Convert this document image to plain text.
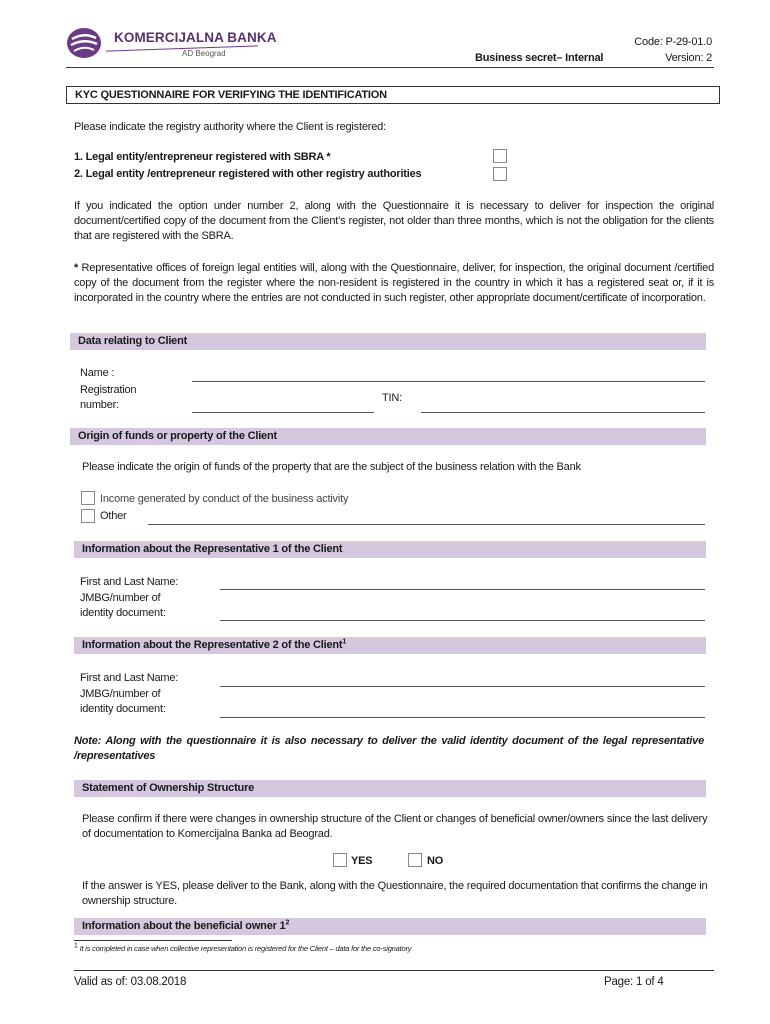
KOMERCIJALNA BANKA
AD Beograd
Code: P-29-01.0
Business secret– Internal	Version: 2
KYC QUESTIONNAIRE FOR VERIFYING THE IDENTIFICATION
Please indicate the registry authority where the Client is registered:
1. Legal entity/entrepreneur registered with SBRA *
2. Legal entity /entrepreneur registered with other registry authorities
If you indicated the option under number 2, along with the Questionnaire it is necessary to deliver for inspection the original document/certified copy of the document from the Client’s register, not older than three months, which is not the obligation for the clients that are registered with the SBRA.
* Representative offices of foreign legal entities will, along with the Questionnaire, deliver, for inspection, the original document /certified copy of the document from the register where the non-resident is registered in the country in which it has a registered seat or, if it is incorporated in the country where the entries are not conducted in such register, other appropriate document/certificate of incorporation.
Data relating to Client
Name :
Registration
number:
TIN:
Origin of funds or property of the Client
Please indicate the origin of funds of the property that are the subject of the business relation with the Bank
Income generated by conduct of the business activity
Other
Information about the Representative 1 of the Client
First and Last Name:
JMBG/number of
identity document:
Information about the Representative 2 of the Client$^1$
First and Last Name:
JMBG/number of
identity document:
Note: Along with the questionnaire it is also necessary to deliver the valid identity document of the legal representative /representatives
Statement of Ownership Structure
Please confirm if there were changes in ownership structure of the Client or changes of beneficial owner/owners since the last delivery of documentation to Komercijalna Banka ad Beograd.
YES	NO
If the answer is YES, please deliver to the Bank, along with the Questionnaire, the required documentation that confirms the change in ownership structure.
Information about the beneficial owner $1^2$
$^1$ It is completed in case when collective representation is registered for the Client – data for the co-signatory
Valid as of: 03.08.2018	Page: 1 of 4
